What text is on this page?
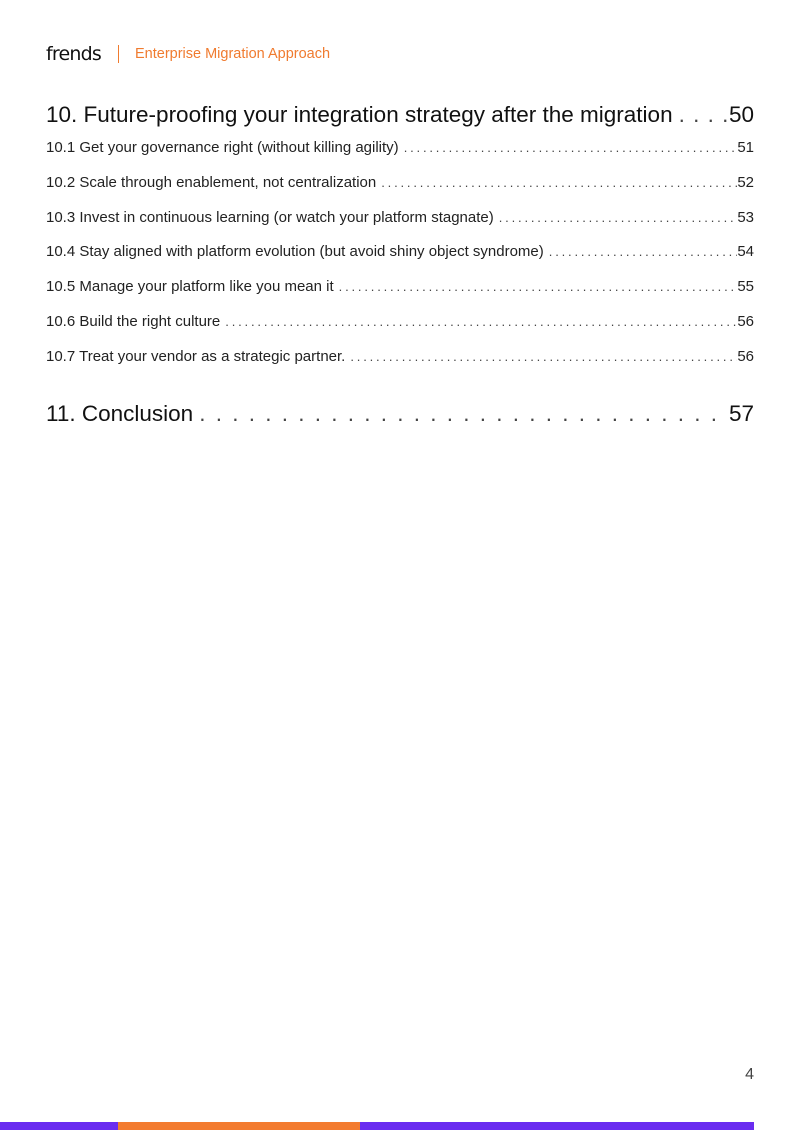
frends Enterprise Migration Approach
10. Future-proofing your integration strategy after the migration . . .	50
10.1 Get your governance right (without killing agility) . . .	51
10.2 Scale through enablement, not centralization . . .	52
10.3 Invest in continuous learning (or watch your platform stagnate) . . .	53
10.4 Stay aligned with platform evolution (but avoid shiny object syndrome) . . .	54
10.5 Manage your platform like you mean it . . .	55
10.6 Build the right culture . . .	56
10.7 Treat your vendor as a strategic partner. . . .	56
11. Conclusion . . .	57
4
